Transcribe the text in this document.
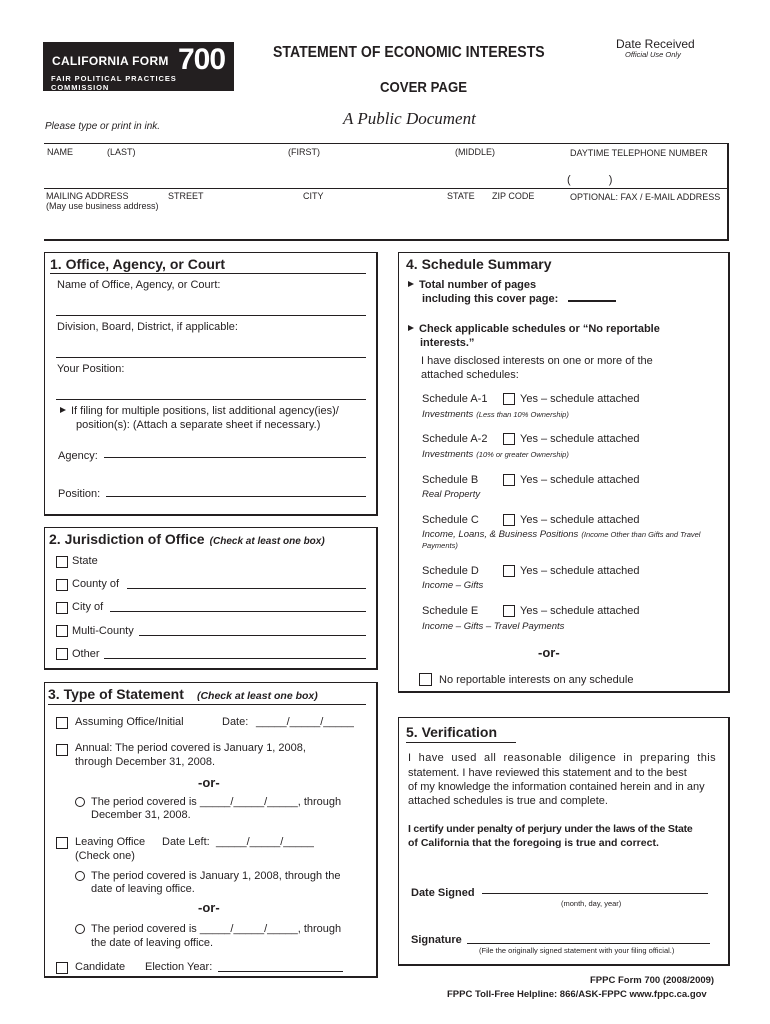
CALIFORNIA FORM 700
FAIR POLITICAL PRACTICES COMMISSION
STATEMENT OF ECONOMIC INTERESTS
COVER PAGE
A Public Document
Date Received
Official Use Only
Please type or print in ink.
NAME	(LAST)	(FIRST)	(MIDDLE)	DAYTIME TELEPHONE NUMBER
(	)
MAILING ADDRESS
(May use business address)
STREET	CITY	STATE ZIP CODE	OPTIONAL: FAX / E-MAIL ADDRESS
1. Office, Agency, or Court
Name of Office, Agency, or Court:
Division, Board, District, if applicable:
Your Position:
If filing for multiple positions, list additional agency(ies)/
position(s): (Attach a separate sheet if necessary.)
Agency:
Position:
2. Jurisdiction of Office (Check at least one box)
State
County of
City of
Multi-County
Other
3. Type of Statement (Check at least one box)
Assuming Office/Initial	Date: _____/_____/_____
Annual: The period covered is January 1, 2008,
through December 31, 2008.
-or-
The period covered is _____/_____/_____, through
December 31, 2008.
Leaving Office Date Left: _____/_____/_____
(Check one)
The period covered is January 1, 2008, through the
date of leaving office.
-or-
The period covered is _____/_____/_____, through
the date of leaving office.
Candidate Election Year:
4. Schedule Summary
Total number of pages
including this cover page:
Check applicable schedules or “No reportable
interests.”
I have disclosed interests on one or more of the
attached schedules:
Schedule A-1	Yes – schedule attached
Investments (Less than 10% Ownership)
Schedule A-2	Yes – schedule attached
Investments (10% or greater Ownership)
Schedule B	Yes – schedule attached
Real Property
Schedule C	Yes – schedule attached
Income, Loans, & Business Positions (Income Other than Gifts and Travel Payments)
Schedule D	Yes – schedule attached
Income – Gifts
Schedule E	Yes – schedule attached
Income – Gifts – Travel Payments
-or-
No reportable interests on any schedule
5. Verification
I have used all reasonable diligence in preparing this
statement. I have reviewed this statement and to the best
of my knowledge the information contained herein and in any
attached schedules is true and complete.
I certify under penalty of perjury under the laws of the State
of California that the foregoing is true and correct.
Date Signed
(month, day, year)
Signature
(File the originally signed statement with your filing official.)
FPPC Form 700 (2008/2009)
FPPC Toll-Free Helpline: 866/ASK-FPPC www.fppc.ca.gov
